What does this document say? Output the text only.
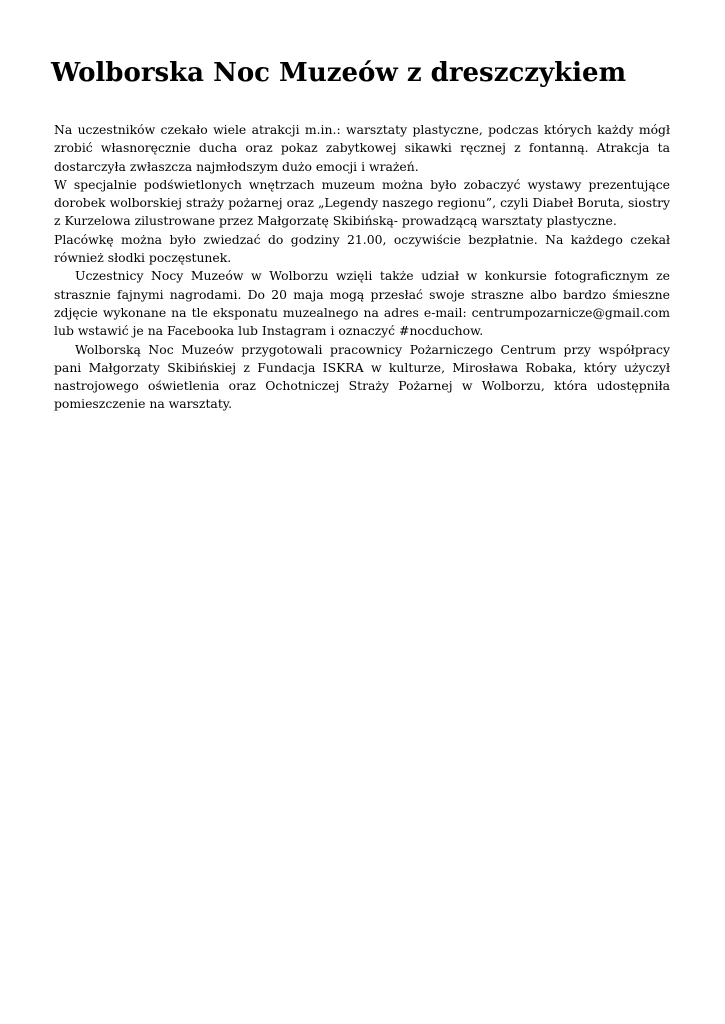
Wolborska Noc Muzeów z dreszczykiem

Na uczestników czekało wiele atrakcji m.in.: warsztaty plastyczne, podczas których każdy mógł zrobić własnoręcznie ducha oraz pokaz zabytkowej sikawki ręcznej z fontanną. Atrakcja ta dostarczyła zwłaszcza najmłodszym dużo emocji i wrażeń.

W specjalnie podświetlonych wnętrzach muzeum można było zobaczyć wystawy prezentujące dorobek wolborskiej straży pożarnej oraz „Legendy naszego regionu”, czyli Diabeł Boruta, siostry z Kurzelowa zilustrowane przez Małgorzatę Skibińską- prowadzącą warsztaty plastyczne.

Placówkę można było zwiedzać do godziny 21.00, oczywiście bezpłatnie. Na każdego czekał również słodki poczęstunek.

Uczestnicy Nocy Muzeów w Wolborzu wzięli także udział w konkursie fotograficznym ze strasznie fajnymi nagrodami. Do 20 maja mogą przesłać swoje straszne albo bardzo śmieszne zdjęcie wykonane na tle eksponatu muzealnego na adres e-mail: centrumpozarnicze@gmail.com lub wstawić je na Facebooka lub Instagram i oznaczyć #nocduchow.

Wolborską Noc Muzeów przygotowali pracownicy Pożarniczego Centrum przy współpracy pani Małgorzaty Skibińskiej z Fundacja ISKRA w kulturze, Mirosława Robaka, który użyczył nastrojowego oświetlenia oraz Ochotniczej Straży Pożarnej w Wolborzu, która udostępniła pomieszczenie na warsztaty.
